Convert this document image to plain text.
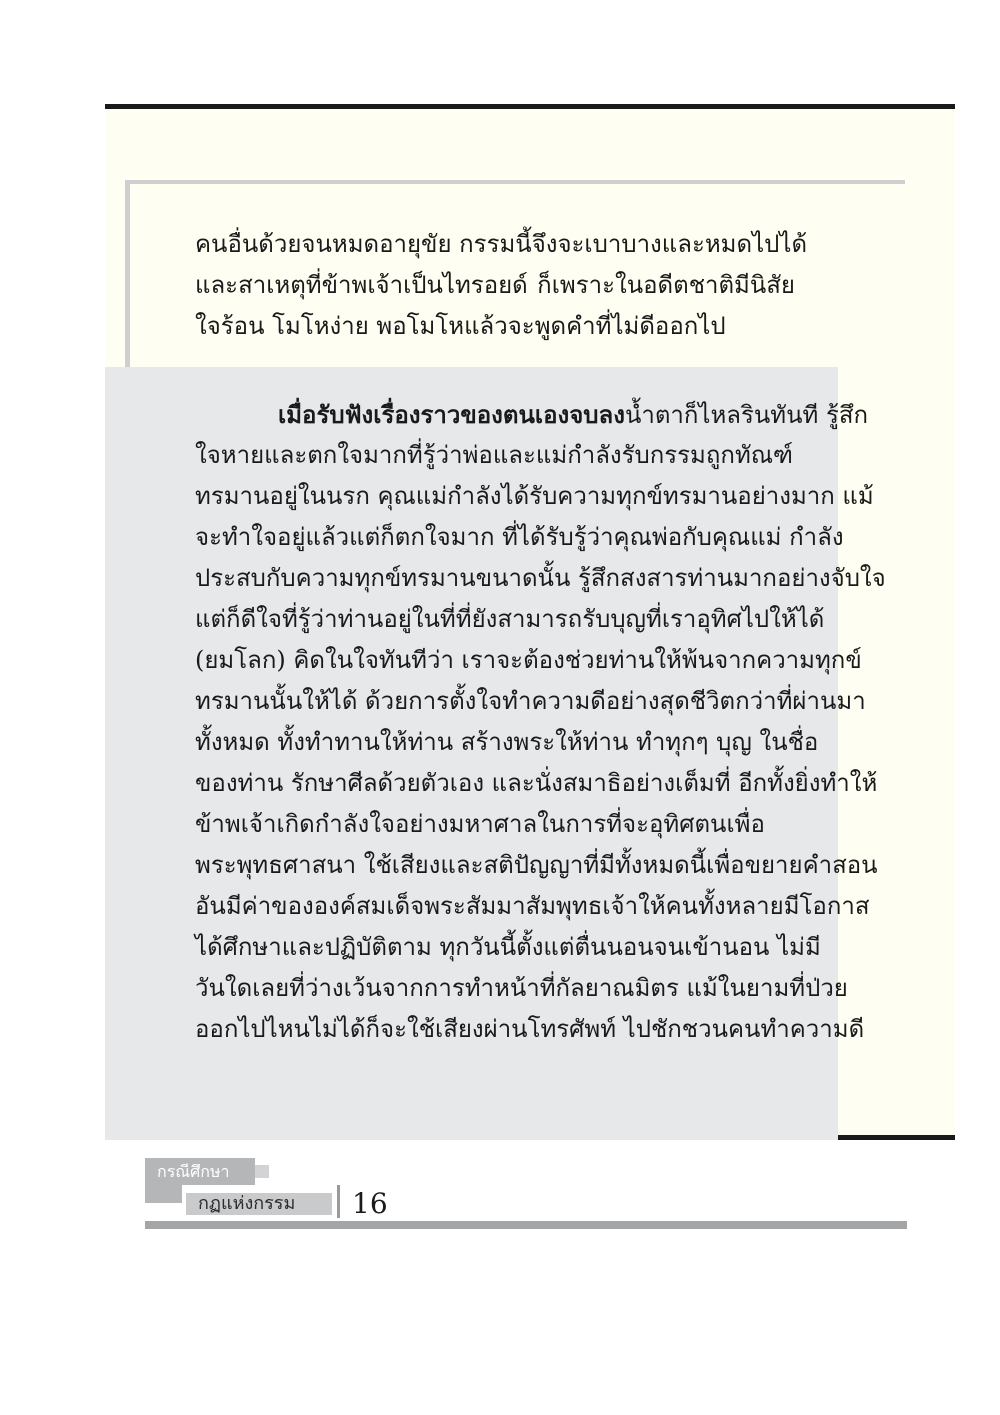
คนอื่นด้วยจนหมดอายุขัย กรรมนี้จึงจะเบาบางและหมดไปได้
และสาเหตุที่ข้าพเจ้าเป็นไทรอยด์ ก็เพราะในอดีตชาติมีนิสัย
ใจร้อน โมโหง่าย พอโมโหแล้วจะพูดคำที่ไม่ดีออกไป
เมื่อรับฟังเรื่องราวของตนเองจบลงน้ำตาก็ไหลรินทันที รู้สึก
ใจหายและตกใจมากที่รู้ว่าพ่อและแม่กำลังรับกรรมถูกทัณฑ์
ทรมานอยู่ในนรก คุณแม่กำลังได้รับความทุกข์ทรมานอย่างมาก แม้
จะทำใจอยู่แล้วแต่ก็ตกใจมาก ที่ได้รับรู้ว่าคุณพ่อกับคุณแม่ กำลัง
ประสบกับความทุกข์ทรมานขนาดนั้น รู้สึกสงสารท่านมากอย่างจับใจ
แต่ก็ดีใจที่รู้ว่าท่านอยู่ในที่ที่ยังสามารถรับบุญที่เราอุทิศไปให้ได้
(ยมโลก) คิดในใจทันทีว่า เราจะต้องช่วยท่านให้พ้นจากความทุกข์
ทรมานนั้นให้ได้ ด้วยการตั้งใจทำความดีอย่างสุดชีวิตกว่าที่ผ่านมา
ทั้งหมด ทั้งทำทานให้ท่าน สร้างพระให้ท่าน ทำทุกๆ บุญ ในชื่อ
ของท่าน รักษาศีลด้วยตัวเอง และนั่งสมาธิอย่างเต็มที่ อีกทั้งยิ่งทำให้
ข้าพเจ้าเกิดกำลังใจอย่างมหาศาลในการที่จะอุทิศตนเพื่อ
พระพุทธศาสนา ใช้เสียงและสติปัญญาที่มีทั้งหมดนี้เพื่อขยายคำสอน
อันมีค่าขององค์สมเด็จพระสัมมาสัมพุทธเจ้าให้คนทั้งหลายมีโอกาส
ได้ศึกษาและปฏิบัติตาม ทุกวันนี้ตั้งแต่ตื่นนอนจนเข้านอน ไม่มี
วันใดเลยที่ว่างเว้นจากการทำหน้าที่กัลยาณมิตร แม้ในยามที่ป่วย
ออกไปไหนไม่ได้ก็จะใช้เสียงผ่านโทรศัพท์ ไปชักชวนคนทำความดี
กรณีศึกษา
กฏแห่งกรรม 16
